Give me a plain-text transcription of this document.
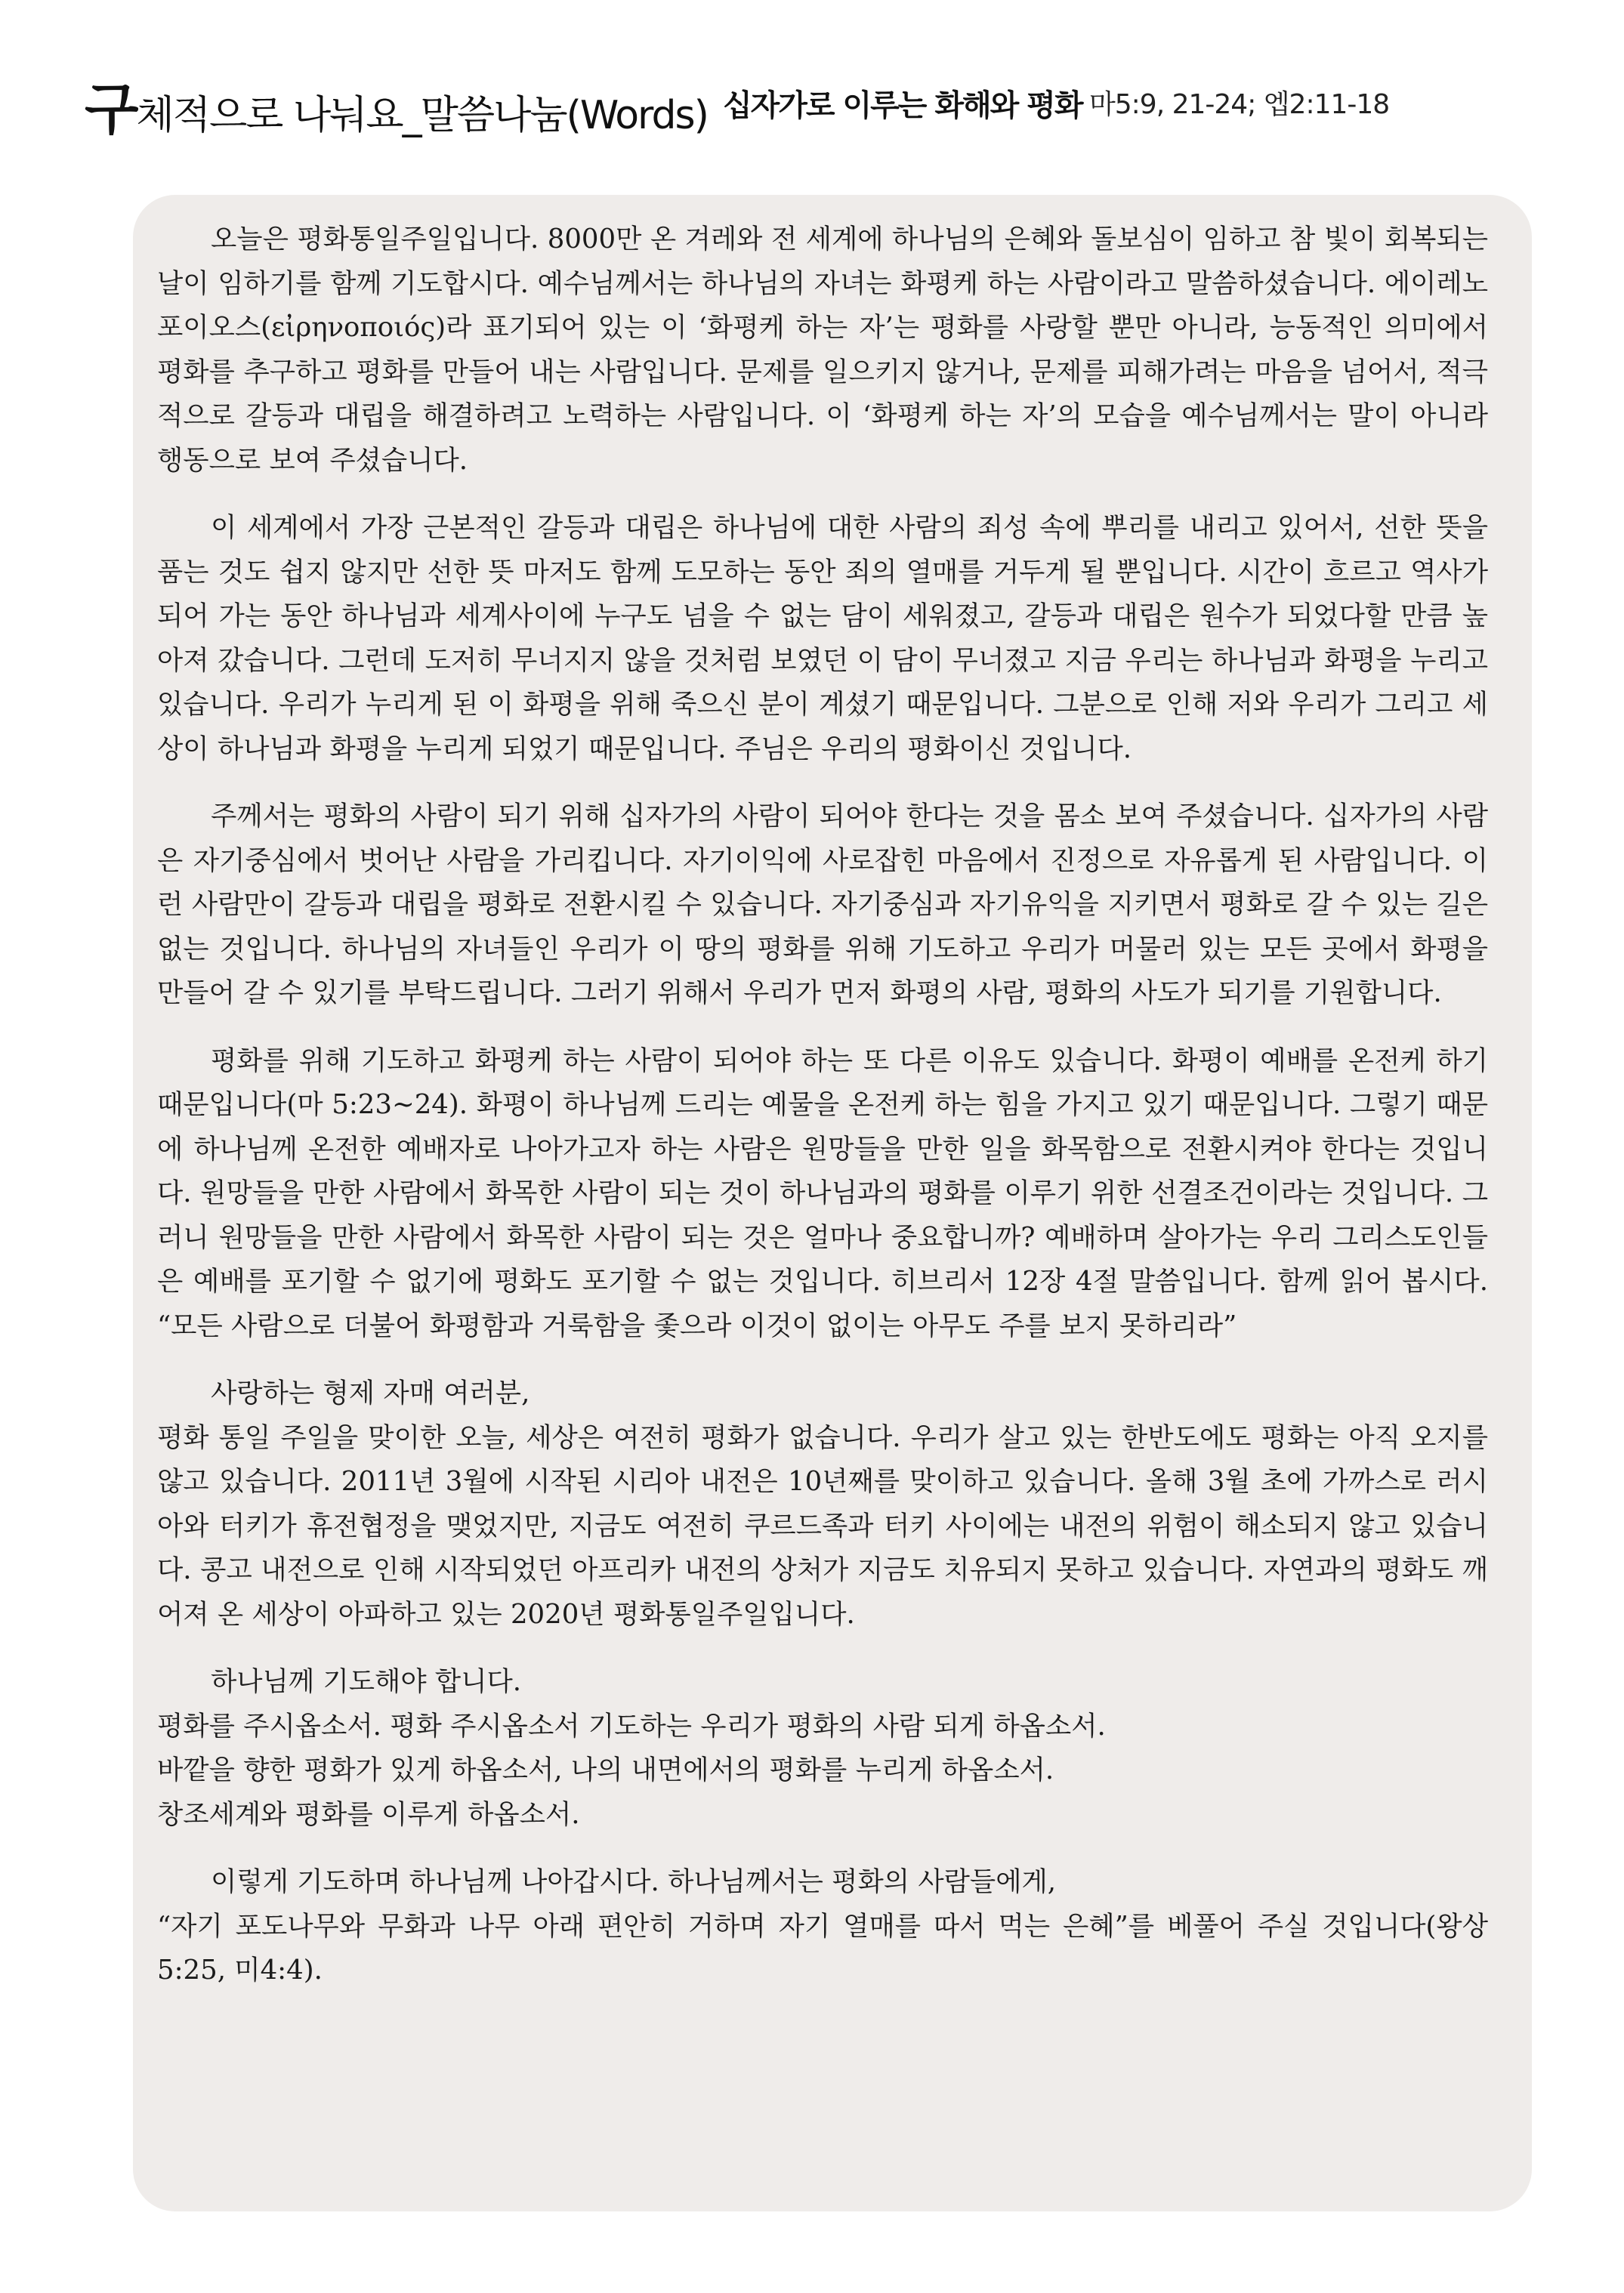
구체적으로 나눠요_말씀나눔(Words) 십자가로 이루는 화해와 평화 마5:9, 21-24; 엡2:11-18

오늘은 평화통일주일입니다. 8000만 온 겨레와 전 세계에 하나님의 은혜와 돌보심이 임하고 참 빛이 회복되는 날이 임하기를 함께 기도합시다. 예수님께서는 하나님의 자녀는 화평케 하는 사람이라고 말씀하셨습니다. 에이레노포이오스(εἰρηνοποιός)라 표기되어 있는 이 ‘화평케 하는 자’는 평화를 사랑할 뿐만 아니라, 능동적인 의미에서 평화를 추구하고 평화를 만들어 내는 사람입니다. 문제를 일으키지 않거나, 문제를 피해가려는 마음을 넘어서, 적극적으로 갈등과 대립을 해결하려고 노력하는 사람입니다. 이 ‘화평케 하는 자’의 모습을 예수님께서는 말이 아니라 행동으로 보여 주셨습니다.

이 세계에서 가장 근본적인 갈등과 대립은 하나님에 대한 사람의 죄성 속에 뿌리를 내리고 있어서, 선한 뜻을 품는 것도 쉽지 않지만 선한 뜻 마저도 함께 도모하는 동안 죄의 열매를 거두게 될 뿐입니다. 시간이 흐르고 역사가 되어 가는 동안 하나님과 세계사이에 누구도 넘을 수 없는 담이 세워졌고, 갈등과 대립은 원수가 되었다할 만큼 높아져 갔습니다. 그런데 도저히 무너지지 않을 것처럼 보였던 이 담이 무너졌고 지금 우리는 하나님과 화평을 누리고 있습니다. 우리가 누리게 된 이 화평을 위해 죽으신 분이 계셨기 때문입니다. 그분으로 인해 저와 우리가 그리고 세상이 하나님과 화평을 누리게 되었기 때문입니다. 주님은 우리의 평화이신 것입니다.

주께서는 평화의 사람이 되기 위해 십자가의 사람이 되어야 한다는 것을 몸소 보여 주셨습니다. 십자가의 사람은 자기중심에서 벗어난 사람을 가리킵니다. 자기이익에 사로잡힌 마음에서 진정으로 자유롭게 된 사람입니다. 이런 사람만이 갈등과 대립을 평화로 전환시킬 수 있습니다. 자기중심과 자기유익을 지키면서 평화로 갈 수 있는 길은 없는 것입니다. 하나님의 자녀들인 우리가 이 땅의 평화를 위해 기도하고 우리가 머물러 있는 모든 곳에서 화평을 만들어 갈 수 있기를 부탁드립니다. 그러기 위해서 우리가 먼저 화평의 사람, 평화의 사도가 되기를 기원합니다.

평화를 위해 기도하고 화평케 하는 사람이 되어야 하는 또 다른 이유도 있습니다. 화평이 예배를 온전케 하기 때문입니다(마 5:23~24). 화평이 하나님께 드리는 예물을 온전케 하는 힘을 가지고 있기 때문입니다. 그렇기 때문에 하나님께 온전한 예배자로 나아가고자 하는 사람은 원망들을 만한 일을 화목함으로 전환시켜야 한다는 것입니다. 원망들을 만한 사람에서 화목한 사람이 되는 것이 하나님과의 평화를 이루기 위한 선결조건이라는 것입니다. 그러니 원망들을 만한 사람에서 화목한 사람이 되는 것은 얼마나 중요합니까? 예배하며 살아가는 우리 그리스도인들은 예배를 포기할 수 없기에 평화도 포기할 수 없는 것입니다. 히브리서 12장 4절 말씀입니다. 함께 읽어 봅시다. “모든 사람으로 더불어 화평함과 거룩함을 좇으라 이것이 없이는 아무도 주를 보지 못하리라”

사랑하는 형제 자매 여러분,
평화 통일 주일을 맞이한 오늘, 세상은 여전히 평화가 없습니다. 우리가 살고 있는 한반도에도 평화는 아직 오지를 않고 있습니다. 2011년 3월에 시작된 시리아 내전은 10년째를 맞이하고 있습니다. 올해 3월 초에 가까스로 러시아와 터키가 휴전협정을 맺었지만, 지금도 여전히 쿠르드족과 터키 사이에는 내전의 위험이 해소되지 않고 있습니다. 콩고 내전으로 인해 시작되었던 아프리카 내전의 상처가 지금도 치유되지 못하고 있습니다. 자연과의 평화도 깨어져 온 세상이 아파하고 있는 2020년 평화통일주일입니다.

하나님께 기도해야 합니다.
평화를 주시옵소서. 평화 주시옵소서 기도하는 우리가 평화의 사람 되게 하옵소서.
바깥을 향한 평화가 있게 하옵소서, 나의 내면에서의 평화를 누리게 하옵소서.
창조세계와 평화를 이루게 하옵소서.

이렇게 기도하며 하나님께 나아갑시다. 하나님께서는 평화의 사람들에게,
“자기 포도나무와 무화과 나무 아래 편안히 거하며 자기 열매를 따서 먹는 은혜”를 베풀어 주실 것입니다(왕상5:25, 미4:4).
